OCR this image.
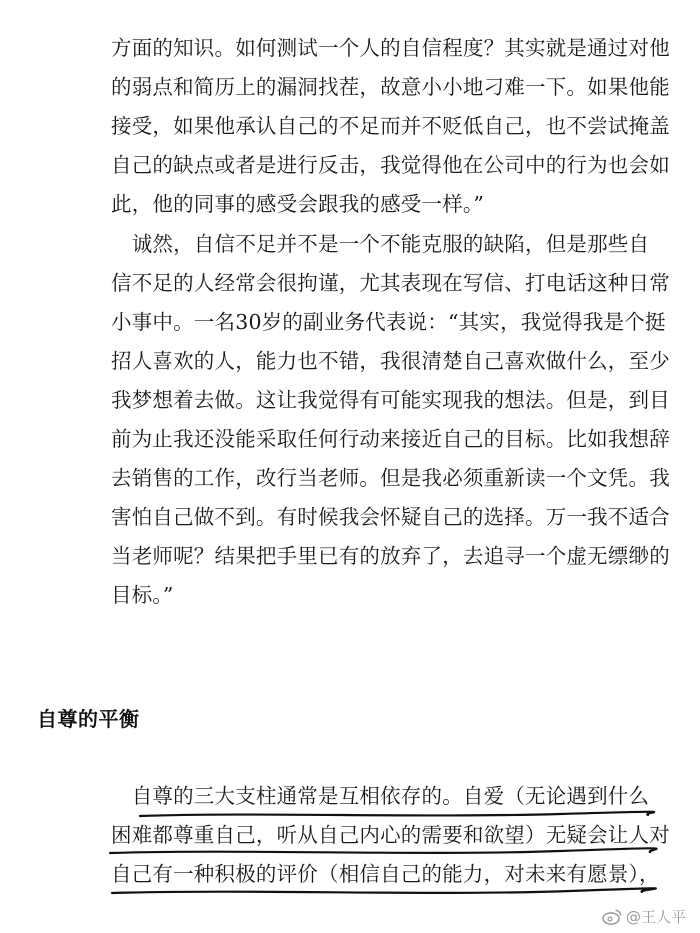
方面的知识。如何测试一个人的自信程度？其实就是通过对他
的弱点和简历上的漏洞找茬，故意小小地刁难一下。如果他能
接受，如果他承认自己的不足而并不贬低自己，也不尝试掩盖
自己的缺点或者是进行反击，我觉得他在公司中的行为也会如
此，他的同事的感受会跟我的感受一样。”
　诚然，自信不足并不是一个不能克服的缺陷，但是那些自
信不足的人经常会很拘谨，尤其表现在写信、打电话这种日常
小事中。一名30岁的副业务代表说：“其实，我觉得我是个挺
招人喜欢的人，能力也不错，我很清楚自己喜欢做什么，至少
我梦想着去做。这让我觉得有可能实现我的想法。但是，到目
前为止我还没能采取任何行动来接近自己的目标。比如我想辞
去销售的工作，改行当老师。但是我必须重新读一个文凭。我
害怕自己做不到。有时候我会怀疑自己的选择。万一我不适合
当老师呢？结果把手里已有的放弃了，去追寻一个虚无缥缈的
目标。”
自尊的平衡
　自尊的三大支柱通常是互相依存的。自爱（无论遇到什么
困难都尊重自己，听从自己内心的需要和欲望）无疑会让人对
自己有一种积极的评价（相信自己的能力，对未来有愿景），
@王人平
